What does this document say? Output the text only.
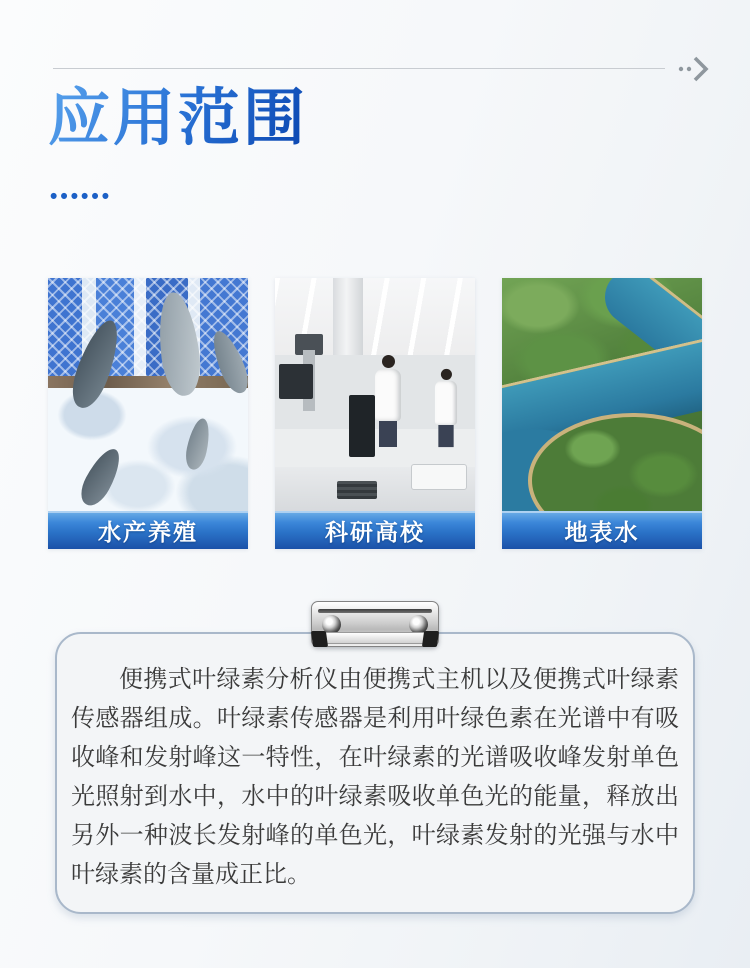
应用范围
••••••
水产养殖	科研高校	地表水

便携式叶绿素分析仪由便携式主机以及便携式叶绿素传感器组成。叶绿素传感器是利用叶绿色素在光谱中有吸收峰和发射峰这一特性，在叶绿素的光谱吸收峰发射单色光照射到水中，水中的叶绿素吸收单色光的能量，释放出另外一种波长发射峰的单色光，叶绿素发射的光强与水中叶绿素的含量成正比。
